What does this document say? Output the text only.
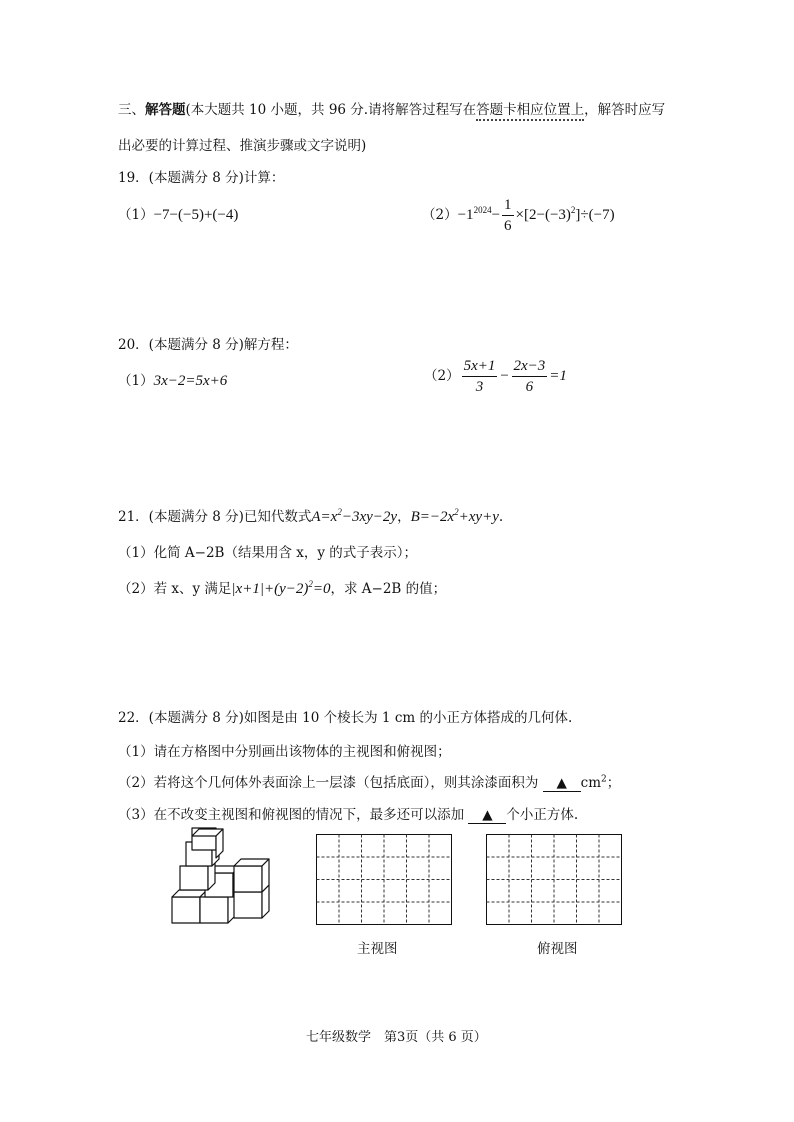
三、解答题(本大题共 10 小题，共 96 分.请将解答过程写在答题卡相应位置上，解答时应写
出必要的计算过程、推演步骤或文字说明)
19．(本题满分 8 分)计算：
（1）−7−(−5)+(−4)	$(2)-1^{2024}- \frac{1}{6} \times[2-(-3)^2]\div(-7)$
20．(本题满分 8 分)解方程：
（1）3x−2=5x+6	$(2) \frac{5x+1}{3} - \frac{2x-3}{6} =1$
21．(本题满分 8 分)已知代数式$A=x^2-3xy-2y$，$B=-2x^2+xy+y$.
（1）化简 A−2B（结果用含 x，y 的式子表示）；
（2）若 x、y 满足$|x+1|+(y-2)^2=0$，求 A−2B 的值；
22．(本题满分 8 分)如图是由 10 个棱长为 1 cm 的小正方体搭成的几何体.
（1）请在方格图中分别画出该物体的主视图和俯视图；
（2）若将这个几何体外表面涂上一层漆（包括底面），则其涂漆面积为 ▲ $cm^2$；
（3）在不改变主视图和俯视图的情况下，最多还可以添加 ▲ 个小正方体.
主视图	俯视图
七年级数学　第3页（共 6 页）
